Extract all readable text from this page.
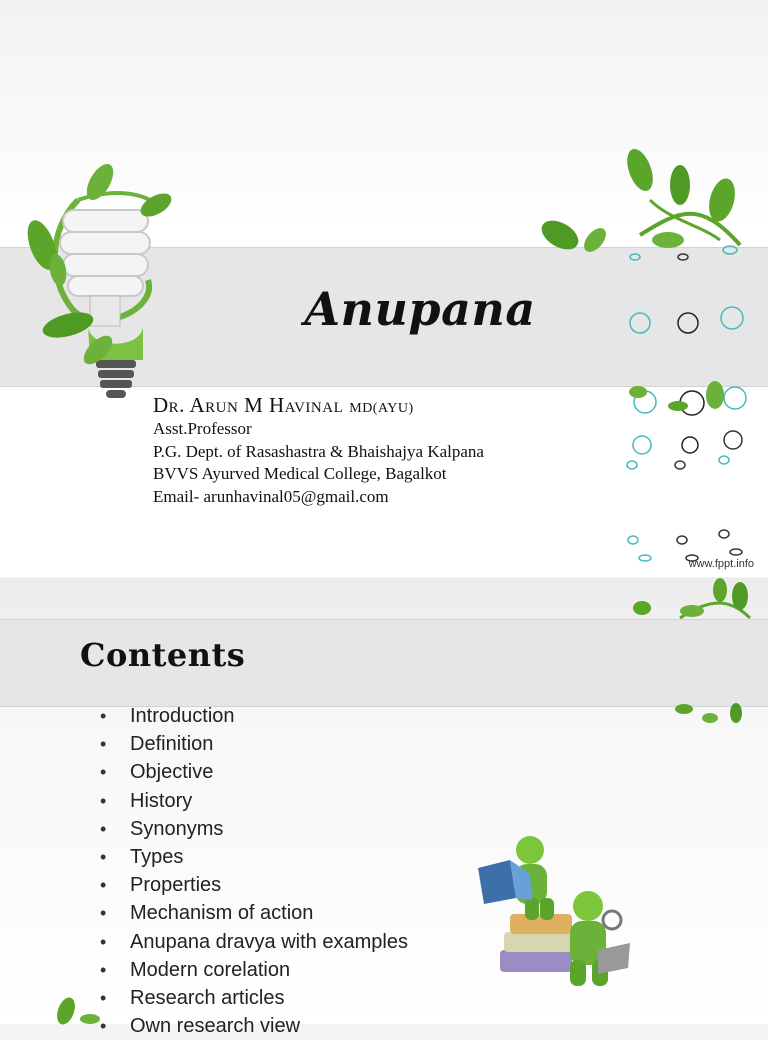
Anupana
Dr. Arun M Havinal MD(AYU)
Asst.Professor
P.G. Dept. of Rasashastra & Bhaishajya Kalpana
BVVS Ayurved Medical College, Bagalkot
Email- arunhavinal05@gmail.com
www.fppt.info
Contents
• Introduction
• Definition
• Objective
• History
• Synonyms
• Types
• Properties
• Mechanism of action
• Anupana dravya with examples
• Modern corelation
• Research articles
• Own research view
